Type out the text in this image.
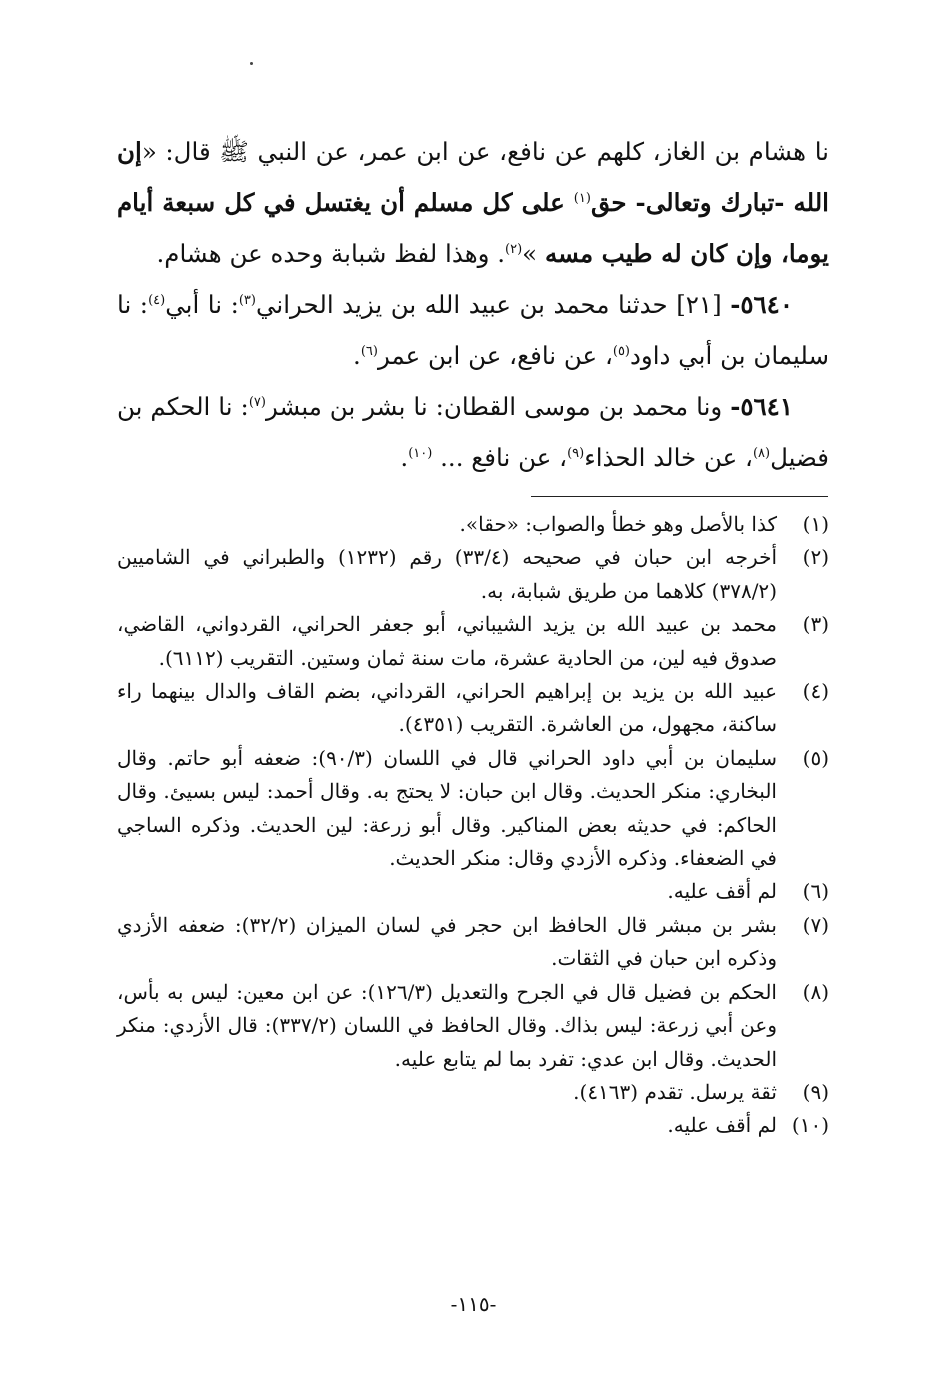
نا هشام بن الغاز، كلهم عن نافع، عن ابن عمر، عن النبي ﷺ قال: «إن الله -تبارك وتعالى- حق$^{(١)}$ على كل مسلم أن يغتسل في كل سبعة أيام يوما، وإن كان له طيب مسه »$^{(٢)}$. وهذا لفظ شبابة وحده عن هشام.

٥٦٤٠- [٢١] حدثنا محمد بن عبيد الله بن يزيد الحراني$^{(٣)}$: نا أبي$^{(٤)}$: نا سليمان بن أبي داود$^{(٥)}$، عن نافع، عن ابن عمر$^{(٦)}$.

٥٦٤١- ونا محمد بن موسى القطان: نا بشر بن مبشر$^{(٧)}$: نا الحكم بن فضيل$^{(٨)}$، عن خالد الحذاء$^{(٩)}$، عن نافع ... $^{(١٠)}$.

(١)
كذا بالأصل وهو خطأ والصواب: «حقا».
(٢)
أخرجه ابن حبان في صحيحه (٣٣/٤) رقم (١٢٣٢) والطبراني في الشاميين (٣٧٨/٢) كلاهما من طريق شبابة، به.
(٣)
محمد بن عبيد الله بن يزيد الشيباني، أبو جعفر الحراني، القردواني، القاضي، صدوق فيه لين، من الحادية عشرة، مات سنة ثمان وستين. التقريب (٦١١٢).
(٤)
عبيد الله بن يزيد بن إبراهيم الحراني، القرداني، بضم القاف والدال بينهما راء ساكنة، مجهول، من العاشرة. التقريب (٤٣٥١).
(٥)
سليمان بن أبي داود الحراني قال في اللسان (٩٠/٣): ضعفه أبو حاتم. وقال البخاري: منكر الحديث. وقال ابن حبان: لا يحتج به. وقال أحمد: ليس بسيئ. وقال الحاكم: في حديثه بعض المناكير. وقال أبو زرعة: لين الحديث. وذكره الساجي في الضعفاء. وذكره الأزدي وقال: منكر الحديث.
(٦)
لم أقف عليه.
(٧)
بشر بن مبشر قال الحافظ ابن حجر في لسان الميزان (٣٢/٢): ضعفه الأزدي وذكره ابن حبان في الثقات.
(٨)
الحكم بن فضيل قال في الجرح والتعديل (١٢٦/٣): عن ابن معين: ليس به بأس، وعن أبي زرعة: ليس بذاك. وقال الحافظ في اللسان (٣٣٧/٢): قال الأزدي: منكر الحديث. وقال ابن عدي: تفرد بما لم يتابع عليه.
(٩)
ثقة يرسل. تقدم (٤١٦٣).
(١٠)
لم أقف عليه.
-١١٥-
